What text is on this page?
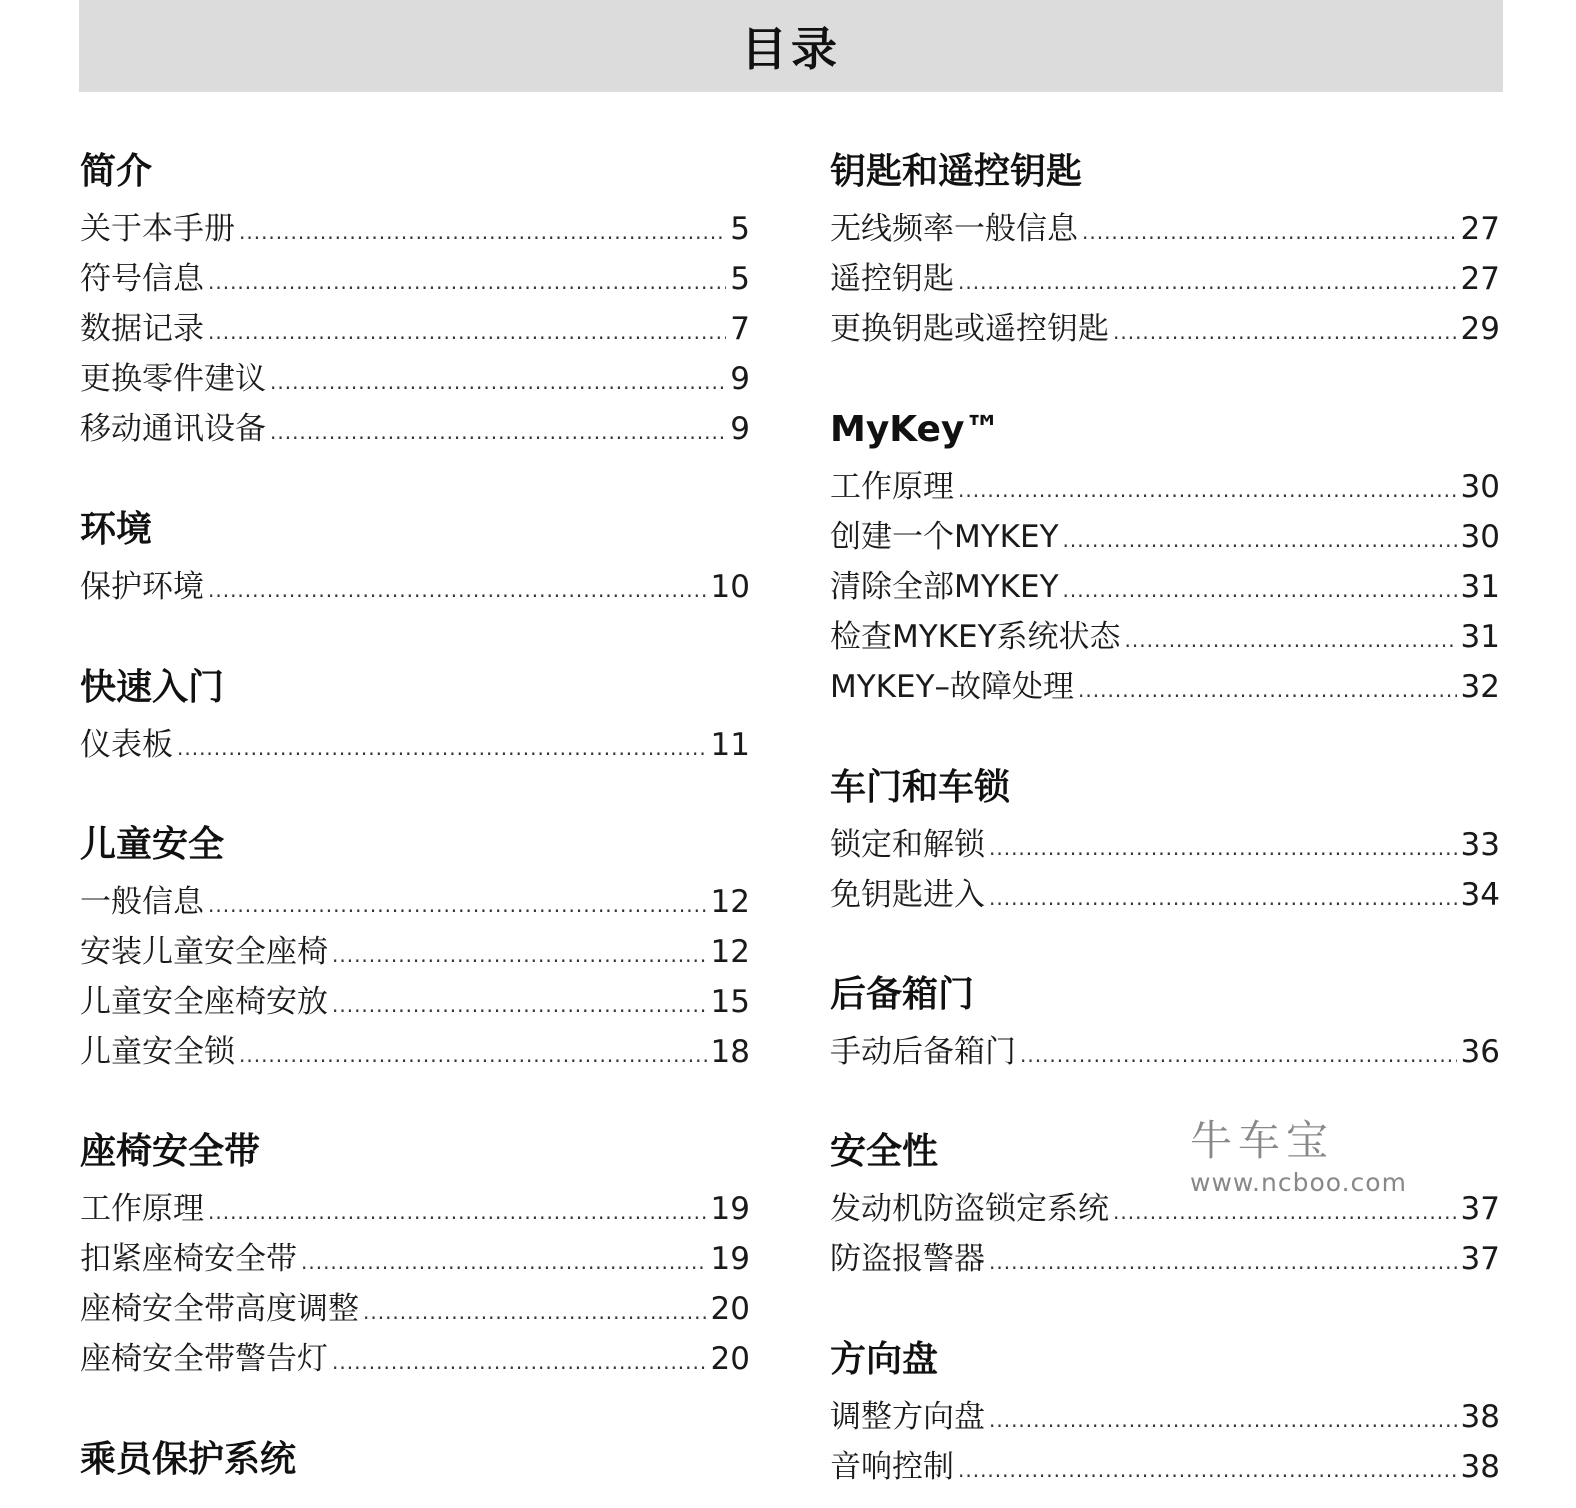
目录
简介
关于本手册 .....	5
符号信息 .....	5
数据记录 .....	7
更换零件建议 .....	9
移动通讯设备 .....	9
环境
保护环境 .....	10
快速入门
仪表板 .....	11
儿童安全
一般信息 .....	12
安装儿童安全座椅 .....	12
儿童安全座椅安放 .....	15
儿童安全锁 .....	18
座椅安全带
工作原理 .....	19
扣紧座椅安全带 .....	19
座椅安全带高度调整 .....	20
座椅安全带警告灯 .....	20
乘员保护系统
钥匙和遥控钥匙
无线频率一般信息 .....	27
遥控钥匙 .....	27
更换钥匙或遥控钥匙 .....	29
MyKey™
工作原理 .....	30
创建一个MYKEY .....	30
清除全部MYKEY .....	31
检查MYKEY系统状态 .....	31
MYKEY–故障处理 .....	32
车门和车锁
锁定和解锁 .....	33
免钥匙进入 .....	34
后备箱门
手动后备箱门 .....	36
安全性
发动机防盗锁定系统 .....	37
防盗报警器 .....	37
方向盘
调整方向盘 .....	38
音响控制 .....	38
牛车宝
www.ncboo.com
